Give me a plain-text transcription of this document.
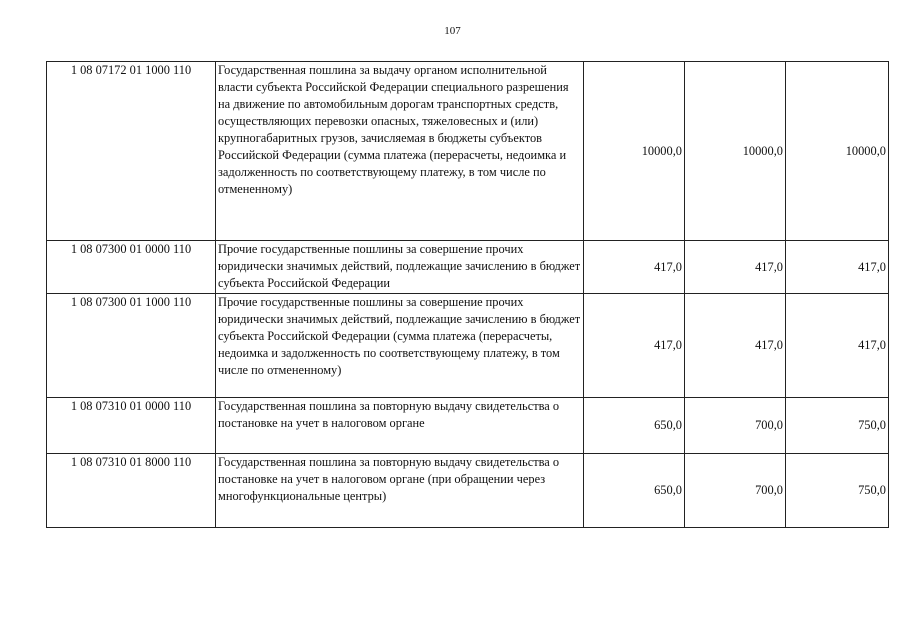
107
1 08 07172 01 1000 110	Государственная пошлина за выдачу органом исполнительной власти субъекта Российской Федерации специального разрешения на движение по автомобильным дорогам транспортных средств, осуществляющих перевозки опасных, тяжеловесных и (или) крупногабаритных грузов, зачисляемая в бюджеты субъектов Российской Федерации (сумма платежа (перерасчеты, недоимка и задолженность по соответствующему платежу, в том числе по отмененному)	10000,0	10000,0	10000,0
1 08 07300 01 0000 110	Прочие государственные пошлины за совершение прочих юридически значимых действий, подлежащие зачислению в бюджет субъекта Российской Федерации	417,0	417,0	417,0
1 08 07300 01 1000 110	Прочие государственные пошлины за совершение прочих юридически значимых действий, подлежащие зачислению в бюджет субъекта Российской Федерации (сумма платежа (перерасчеты, недоимка и задолженность по соответствующему платежу, в том числе по отмененному)	417,0	417,0	417,0
1 08 07310 01 0000 110	Государственная пошлина за повторную выдачу свидетельства о постановке на учет в налоговом органе	650,0	700,0	750,0
1 08 07310 01 8000 110	Государственная пошлина за повторную выдачу свидетельства о постановке на учет в налоговом органе (при обращении через многофункциональные центры)	650,0	700,0	750,0
